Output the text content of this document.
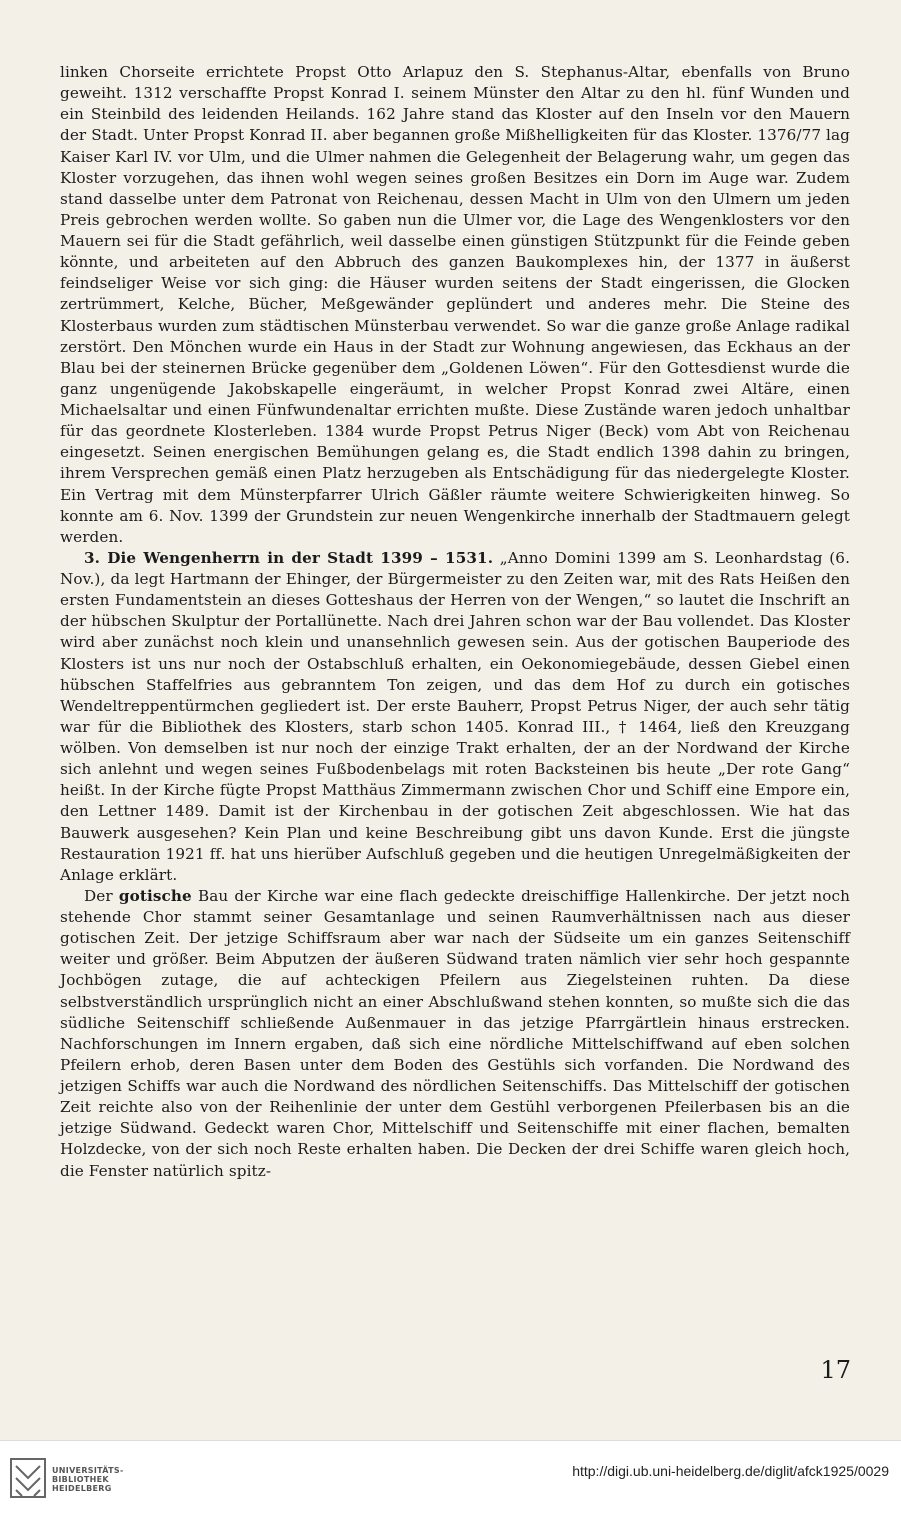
linken Chorseite errichtete Propst Otto Arlapuz den S. Stephanus-Altar, ebenfalls von Bruno geweiht. 1312 verschaffte Propst Konrad I. seinem Münster den Altar zu den hl. fünf Wunden und ein Steinbild des leidenden Heilands. 162 Jahre stand das Kloster auf den Inseln vor den Mauern der Stadt. Unter Propst Konrad II. aber begannen große Mißhelligkeiten für das Kloster. 1376/77 lag Kaiser Karl IV. vor Ulm, und die Ulmer nahmen die Gelegenheit der Belagerung wahr, um gegen das Kloster vorzugehen, das ihnen wohl wegen seines großen Besitzes ein Dorn im Auge war. Zudem stand dasselbe unter dem Patronat von Reichenau, dessen Macht in Ulm von den Ulmern um jeden Preis gebrochen werden wollte. So gaben nun die Ulmer vor, die Lage des Wengenklosters vor den Mauern sei für die Stadt gefährlich, weil dasselbe einen günstigen Stützpunkt für die Feinde geben könnte, und arbeiteten auf den Abbruch des ganzen Baukomplexes hin, der 1377 in äußerst feindseliger Weise vor sich ging: die Häuser wurden seitens der Stadt eingerissen, die Glocken zertrümmert, Kelche, Bücher, Meßgewänder geplündert und anderes mehr. Die Steine des Klosterbaus wurden zum städtischen Münsterbau verwendet. So war die ganze große Anlage radikal zerstört. Den Mönchen wurde ein Haus in der Stadt zur Wohnung angewiesen, das Eckhaus an der Blau bei der steinernen Brücke gegenüber dem „Goldenen Löwen“. Für den Gottesdienst wurde die ganz ungenügende Jakobskapelle eingeräumt, in welcher Propst Konrad zwei Altäre, einen Michaelsaltar und einen Fünfwundenaltar errichten mußte. Diese Zustände waren jedoch unhaltbar für das geordnete Klosterleben. 1384 wurde Propst Petrus Niger (Beck) vom Abt von Reichenau eingesetzt. Seinen energischen Bemühungen gelang es, die Stadt endlich 1398 dahin zu bringen, ihrem Versprechen gemäß einen Platz herzugeben als Entschädigung für das niedergelegte Kloster. Ein Vertrag mit dem Münsterpfarrer Ulrich Gäßler räumte weitere Schwierigkeiten hinweg. So konnte am 6. Nov. 1399 der Grundstein zur neuen Wengenkirche innerhalb der Stadtmauern gelegt werden.

3. Die Wengenherrn in der Stadt 1399 – 1531. „Anno Domini 1399 am S. Leonhardstag (6. Nov.), da legt Hartmann der Ehinger, der Bürgermeister zu den Zeiten war, mit des Rats Heißen den ersten Fundamentstein an dieses Gotteshaus der Herren von der Wengen,“ so lautet die Inschrift an der hübschen Skulptur der Portallünette. Nach drei Jahren schon war der Bau vollendet. Das Kloster wird aber zunächst noch klein und unansehnlich gewesen sein. Aus der gotischen Bauperiode des Klosters ist uns nur noch der Ostabschluß erhalten, ein Oekonomiegebäude, dessen Giebel einen hübschen Staffelfries aus gebranntem Ton zeigen, und das dem Hof zu durch ein gotisches Wendeltreppentürmchen gegliedert ist. Der erste Bauherr, Propst Petrus Niger, der auch sehr tätig war für die Bibliothek des Klosters, starb schon 1405. Konrad III., † 1464, ließ den Kreuzgang wölben. Von demselben ist nur noch der einzige Trakt erhalten, der an der Nordwand der Kirche sich anlehnt und wegen seines Fußbodenbelags mit roten Backsteinen bis heute „Der rote Gang“ heißt. In der Kirche fügte Propst Matthäus Zimmermann zwischen Chor und Schiff eine Empore ein, den Lettner 1489. Damit ist der Kirchenbau in der gotischen Zeit abgeschlossen. Wie hat das Bauwerk ausgesehen? Kein Plan und keine Beschreibung gibt uns davon Kunde. Erst die jüngste Restauration 1921 ff. hat uns hierüber Aufschluß gegeben und die heutigen Unregelmäßigkeiten der Anlage erklärt.

Der gotische Bau der Kirche war eine flach gedeckte dreischiffige Hallenkirche. Der jetzt noch stehende Chor stammt seiner Gesamtanlage und seinen Raumverhältnissen nach aus dieser gotischen Zeit. Der jetzige Schiffsraum aber war nach der Südseite um ein ganzes Seitenschiff weiter und größer. Beim Abputzen der äußeren Südwand traten nämlich vier sehr hoch gespannte Jochbögen zutage, die auf achteckigen Pfeilern aus Ziegelsteinen ruhten. Da diese selbstverständlich ursprünglich nicht an einer Abschlußwand stehen konnten, so mußte sich die das südliche Seitenschiff schließende Außenmauer in das jetzige Pfarrgärtlein hinaus erstrecken. Nachforschungen im Innern ergaben, daß sich eine nördliche Mittelschiffwand auf eben solchen Pfeilern erhob, deren Basen unter dem Boden des Gestühls sich vorfanden. Die Nordwand des jetzigen Schiffs war auch die Nordwand des nördlichen Seitenschiffs. Das Mittelschiff der gotischen Zeit reichte also von der Reihenlinie der unter dem Gestühl verborgenen Pfeilerbasen bis an die jetzige Südwand. Gedeckt waren Chor, Mittelschiff und Seitenschiffe mit einer flachen, bemalten Holzdecke, von der sich noch Reste erhalten haben. Die Decken der drei Schiffe waren gleich hoch, die Fenster natürlich spitz-

17
UNIVERSITÄTS-
BIBLIOTHEK
HEIDELBERG
http://digi.ub.uni-heidelberg.de/diglit/afck1925/0029
